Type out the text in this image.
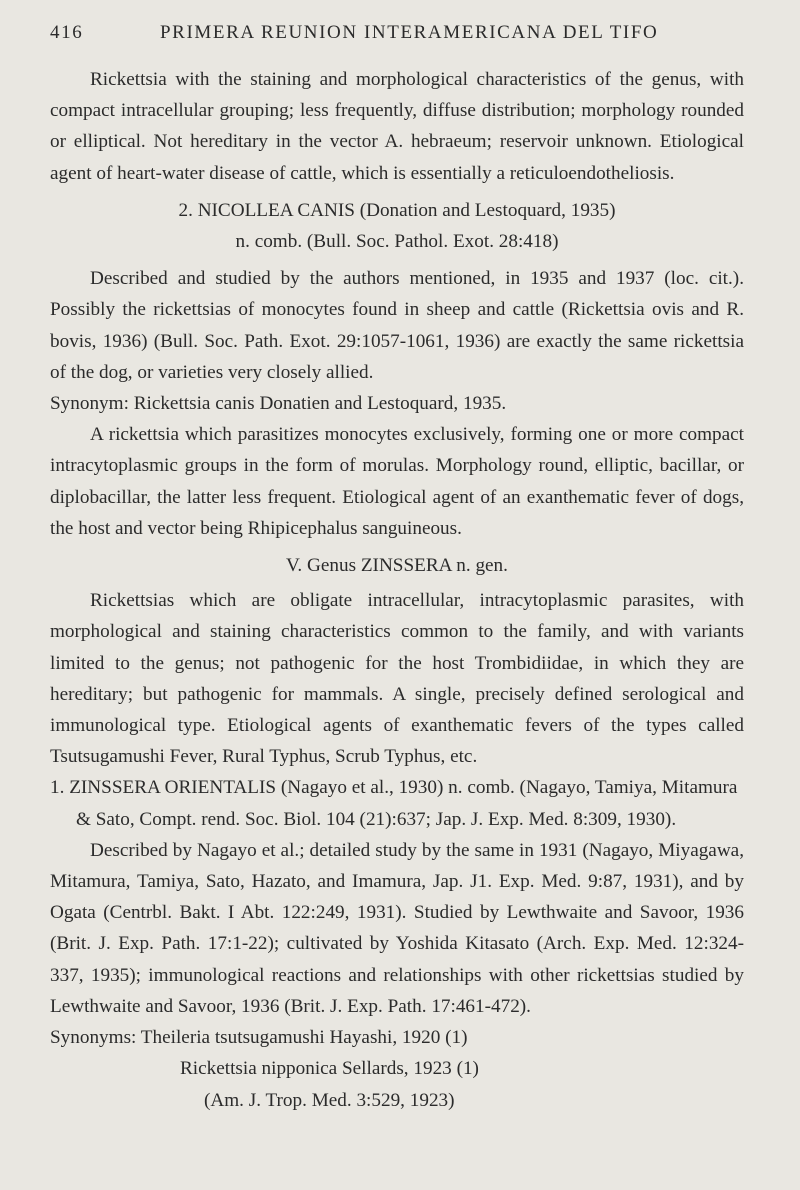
416	PRIMERA REUNION INTERAMERICANA DEL TIFO

Rickettsia with the staining and morphological characteristics of the genus, with compact intracellular grouping; less frequently, diffuse distribution; morphology rounded or elliptical. Not hereditary in the vector A. hebraeum; reservoir unknown. Etiological agent of heart-water disease of cattle, which is essentially a reticuloendotheliosis.

2. NICOLLEA CANIS (Donation and Lestoquard, 1935)
n. comb. (Bull. Soc. Pathol. Exot. 28:418)

Described and studied by the authors mentioned, in 1935 and 1937 (loc. cit.). Possibly the rickettsias of monocytes found in sheep and cattle (Rickettsia ovis and R. bovis, 1936) (Bull. Soc. Path. Exot. 29:1057-1061, 1936) are exactly the same rickettsia of the dog, or varieties very closely allied.

Synonym: Rickettsia canis Donatien and Lestoquard, 1935.

A rickettsia which parasitizes monocytes exclusively, forming one or more compact intracytoplasmic groups in the form of morulas. Morphology round, elliptic, bacillar, or diplobacillar, the latter less frequent. Etiological agent of an exanthematic fever of dogs, the host and vector being Rhipicephalus sanguineous.

V. Genus ZINSSERA n. gen.

Rickettsias which are obligate intracellular, intracytoplasmic parasites, with morphological and staining characteristics common to the family, and with variants limited to the genus; not pathogenic for the host Trombidiidae, in which they are hereditary; but pathogenic for mammals. A single, precisely defined serological and immunological type. Etiological agents of exanthematic fevers of the types called Tsutsugamushi Fever, Rural Typhus, Scrub Typhus, etc.

1. ZINSSERA ORIENTALIS (Nagayo et al., 1930) n. comb. (Nagayo, Tamiya, Mitamura & Sato, Compt. rend. Soc. Biol. 104 (21):637; Jap. J. Exp. Med. 8:309, 1930).

Described by Nagayo et al.; detailed study by the same in 1931 (Nagayo, Miyagawa, Mitamura, Tamiya, Sato, Hazato, and Imamura, Jap. J1. Exp. Med. 9:87, 1931), and by Ogata (Centrbl. Bakt. I Abt. 122:249, 1931). Studied by Lewthwaite and Savoor, 1936 (Brit. J. Exp. Path. 17:1-22); cultivated by Yoshida Kitasato (Arch. Exp. Med. 12:324-337, 1935); immunological reactions and relationships with other rickettsias studied by Lewthwaite and Savoor, 1936 (Brit. J. Exp. Path. 17:461-472).

Synonyms: Theileria tsutsugamushi Hayashi, 1920 (1)
Rickettsia nipponica Sellards, 1923 (1)
(Am. J. Trop. Med. 3:529, 1923)
